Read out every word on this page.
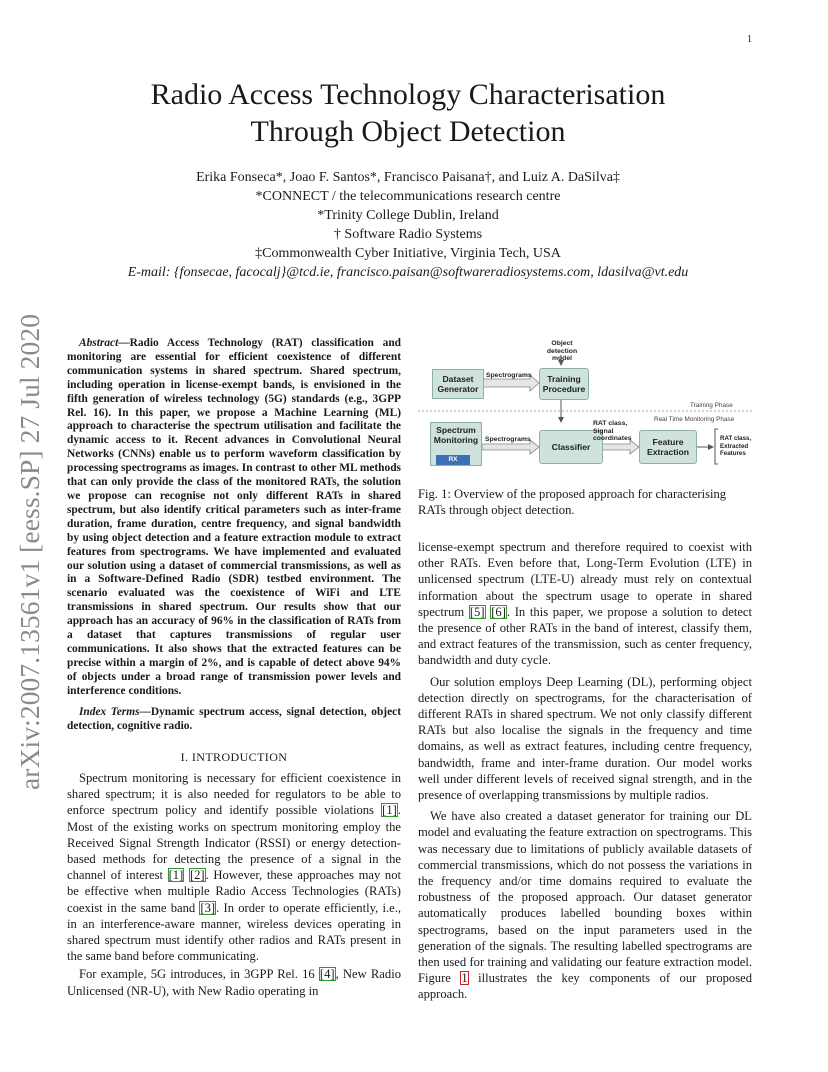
1
arXiv:2007.13561v1 [eess.SP] 27 Jul 2020
Radio Access Technology Characterisation
Through Object Detection
Erika Fonseca*, Joao F. Santos*, Francisco Paisana†, and Luiz A. DaSilva‡
*CONNECT / the telecommunications research centre
*Trinity College Dublin, Ireland
† Software Radio Systems
‡Commonwealth Cyber Initiative, Virginia Tech, USA
E-mail: {fonsecae, facocalj}@tcd.ie, francisco.paisan@softwareradiosystems.com, ldasilva@vt.edu

Abstract—Radio Access Technology (RAT) classification and monitoring are essential for efficient coexistence of different communication systems in shared spectrum. Shared spectrum, including operation in license-exempt bands, is envisioned in the fifth generation of wireless technology (5G) standards (e.g., 3GPP Rel. 16). In this paper, we propose a Machine Learning (ML) approach to characterise the spectrum utilisation and facilitate the dynamic access to it. Recent advances in Convolutional Neural Networks (CNNs) enable us to perform waveform classification by processing spectrograms as images. In contrast to other ML methods that can only provide the class of the monitored RATs, the solution we propose can recognise not only different RATs in shared spectrum, but also identify critical parameters such as inter-frame duration, frame duration, centre frequency, and signal bandwidth by using object detection and a feature extraction module to extract features from spectrograms. We have implemented and evaluated our solution using a dataset of commercial transmissions, as well as in a Software-Defined Radio (SDR) testbed environment. The scenario evaluated was the coexistence of WiFi and LTE transmissions in shared spectrum. Our results show that our approach has an accuracy of 96% in the classification of RATs from a dataset that captures transmissions of regular user communications. It also shows that the extracted features can be precise within a margin of 2%, and is capable of detect above 94% of objects under a broad range of transmission power levels and interference conditions.

Index Terms—Dynamic spectrum access, signal detection, object detection, cognitive radio.

I. INTRODUCTION

Spectrum monitoring is necessary for efficient coexistence in shared spectrum; it is also needed for regulators to be able to enforce spectrum policy and identify possible violations [1]. Most of the existing works on spectrum monitoring employ the Received Signal Strength Indicator (RSSI) or energy detection-based methods for detecting the presence of a signal in the channel of interest [1] [2]. However, these approaches may not be effective when multiple Radio Access Technologies (RATs) coexist in the same band [3]. In order to operate efficiently, i.e., in an interference-aware manner, wireless devices operating in shared spectrum must identify other radios and RATs present in the same band before communicating.

For example, 5G introduces, in 3GPP Rel. 16 [4], New Radio Unlicensed (NR-U), with New Radio operating in

Object detection model
Dataset Generator
Spectrograms	Training Procedure
Training Phase
Real Time Monitoring Phase
Spectrum Monitoring
RX
Spectrograms
Classifier
RAT class, Signal coordinates	Feature Extraction
RAT class, Extracted Features
Fig. 1: Overview of the proposed approach for characterising RATs through object detection.

license-exempt spectrum and therefore required to coexist with other RATs. Even before that, Long-Term Evolution (LTE) in unlicensed spectrum (LTE-U) already must rely on contextual information about the spectrum usage to operate in shared spectrum [5] [6]. In this paper, we propose a solution to detect the presence of other RATs in the band of interest, classify them, and extract features of the transmission, such as center frequency, bandwidth and duty cycle.

Our solution employs Deep Learning (DL), performing object detection directly on spectrograms, for the characterisation of different RATs in shared spectrum. We not only classify different RATs but also localise the signals in the frequency and time domains, as well as extract features, including centre frequency, bandwidth, frame and inter-frame duration. Our model works well under different levels of received signal strength, and in the presence of overlapping transmissions by multiple radios.

We have also created a dataset generator for training our DL model and evaluating the feature extraction on spectrograms. This was necessary due to limitations of publicly available datasets of commercial transmissions, which do not possess the variations in the frequency and/or time domains required to evaluate the robustness of the proposed approach. Our dataset generator automatically produces labelled bounding boxes within spectrograms, based on the input parameters used in the generation of the signals. The resulting labelled spectrograms are then used for training and validating our feature extraction model. Figure 1 illustrates the key components of our proposed approach.
